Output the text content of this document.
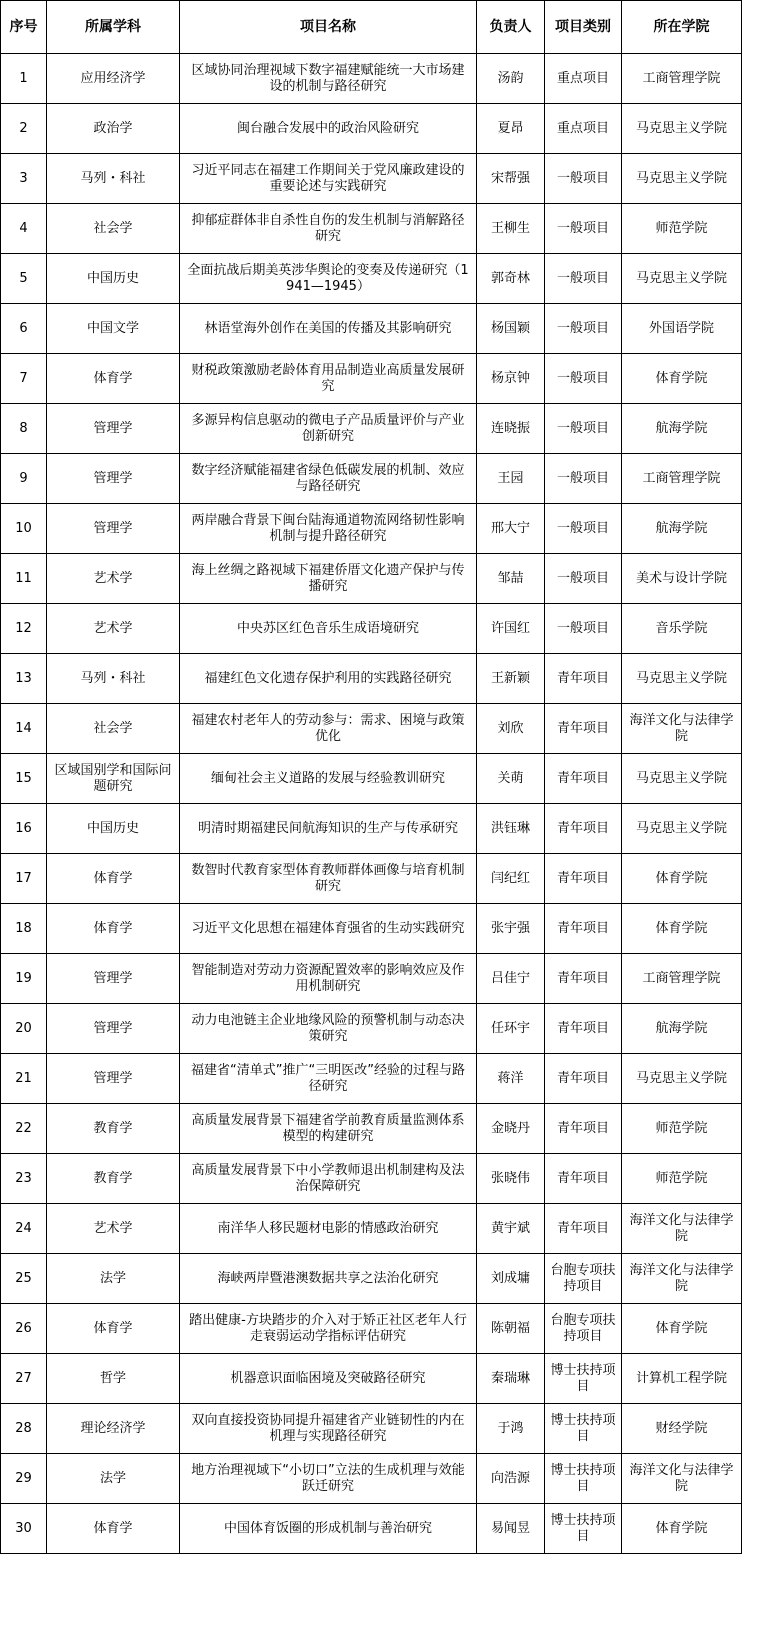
序号	所属学科	项目名称	负责人	项目类别	所在学院
1	应用经济学	区域协同治理视域下数字福建赋能统一大市场建设的机制与路径研究	汤韵	重点项目	工商管理学院
2	政治学	闽台融合发展中的政治风险研究	夏昂	重点项目	马克思主义学院
3	马列・科社	习近平同志在福建工作期间关于党风廉政建设的重要论述与实践研究	宋帮强	一般项目	马克思主义学院
4	社会学	抑郁症群体非自杀性自伤的发生机制与消解路径研究	王柳生	一般项目	师范学院
5	中国历史	全面抗战后期美英涉华舆论的变奏及传递研究（1941—1945）	郭奇林	一般项目	马克思主义学院
6	中国文学	林语堂海外创作在美国的传播及其影响研究	杨国颖	一般项目	外国语学院
7	体育学	财税政策激励老龄体育用品制造业高质量发展研究	杨京钟	一般项目	体育学院
8	管理学	多源异构信息驱动的微电子产品质量评价与产业创新研究	连晓振	一般项目	航海学院
9	管理学	数字经济赋能福建省绿色低碳发展的机制、效应与路径研究	王园	一般项目	工商管理学院
10	管理学	两岸融合背景下闽台陆海通道物流网络韧性影响机制与提升路径研究	邢大宁	一般项目	航海学院
11	艺术学	海上丝绸之路视域下福建侨厝文化遗产保护与传播研究	邹喆	一般项目	美术与设计学院
12	艺术学	中央苏区红色音乐生成语境研究	许国红	一般项目	音乐学院
13	马列・科社	福建红色文化遗存保护利用的实践路径研究	王新颖	青年项目	马克思主义学院
14	社会学	福建农村老年人的劳动参与：需求、困境与政策优化	刘欣	青年项目	海洋文化与法律学院
15	区域国别学和国际问题研究	缅甸社会主义道路的发展与经验教训研究	关萌	青年项目	马克思主义学院
16	中国历史	明清时期福建民间航海知识的生产与传承研究	洪钰琳	青年项目	马克思主义学院
17	体育学	数智时代教育家型体育教师群体画像与培育机制研究	闫纪红	青年项目	体育学院
18	体育学	习近平文化思想在福建体育强省的生动实践研究	张宇强	青年项目	体育学院
19	管理学	智能制造对劳动力资源配置效率的影响效应及作用机制研究	吕佳宁	青年项目	工商管理学院
20	管理学	动力电池链主企业地缘风险的预警机制与动态决策研究	任环宇	青年项目	航海学院
21	管理学	福建省“清单式”推广“三明医改”经验的过程与路径研究	蒋洋	青年项目	马克思主义学院
22	教育学	高质量发展背景下福建省学前教育质量监测体系模型的构建研究	金晓丹	青年项目	师范学院
23	教育学	高质量发展背景下中小学教师退出机制建构及法治保障研究	张晓伟	青年项目	师范学院
24	艺术学	南洋华人移民题材电影的情感政治研究	黄宇斌	青年项目	海洋文化与法律学院
25	法学	海峡两岸暨港澳数据共享之法治化研究	刘成墉	台胞专项扶持项目	海洋文化与法律学院
26	体育学	踏出健康-方块踏步的介入对于矫正社区老年人行走衰弱运动学指标评估研究	陈朝福	台胞专项扶持项目	体育学院
27	哲学	机器意识面临困境及突破路径研究	秦瑞琳	博士扶持项目	计算机工程学院
28	理论经济学	双向直接投资协同提升福建省产业链韧性的内在机理与实现路径研究	于鸿	博士扶持项目	财经学院
29	法学	地方治理视域下“小切口”立法的生成机理与效能跃迁研究	向浩源	博士扶持项目	海洋文化与法律学院
30	体育学	中国体育饭圈的形成机制与善治研究	易闻昱	博士扶持项目	体育学院
